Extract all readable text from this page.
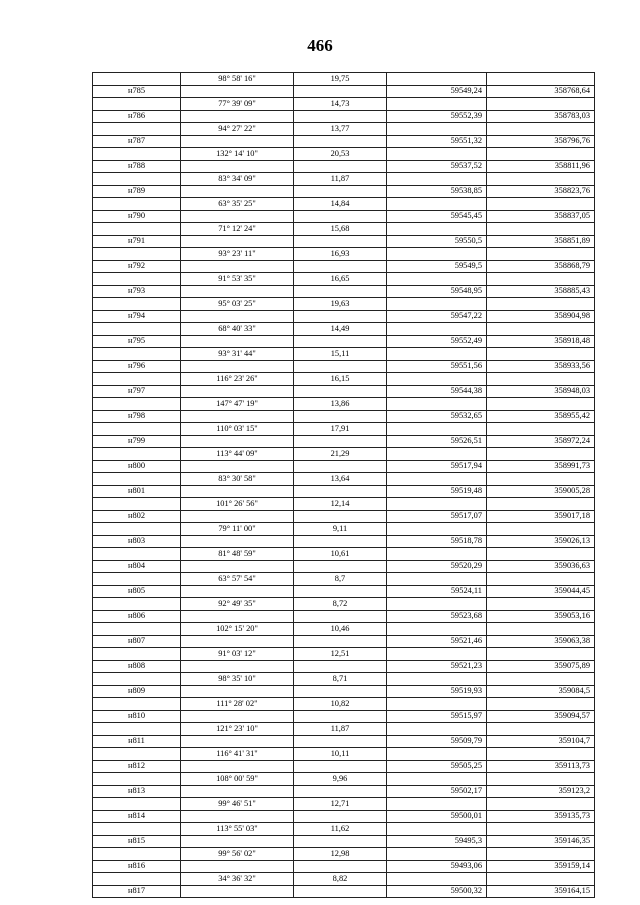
466
	98° 58' 16"	19,75		
н785			59549,24	358768,64
	77° 39' 09"	14,73		
н786			59552,39	358783,03
	94° 27' 22"	13,77		
н787			59551,32	358796,76
	132° 14' 10"	20,53		
н788			59537,52	358811,96
	83° 34' 09"	11,87		
н789			59538,85	358823,76
	63° 35' 25"	14,84		
н790			59545,45	358837,05
	71° 12' 24"	15,68		
н791			59550,5	358851,89
	93° 23' 11"	16,93		
н792			59549,5	358868,79
	91° 53' 35"	16,65		
н793			59548,95	358885,43
	95° 03' 25"	19,63		
н794			59547,22	358904,98
	68° 40' 33"	14,49		
н795			59552,49	358918,48
	93° 31' 44"	15,11		
н796			59551,56	358933,56
	116° 23' 26"	16,15		
н797			59544,38	358948,03
	147° 47' 19"	13,86		
н798			59532,65	358955,42
	110° 03' 15"	17,91		
н799			59526,51	358972,24
	113° 44' 09"	21,29		
н800			59517,94	358991,73
	83° 30' 58"	13,64		
н801			59519,48	359005,28
	101° 26' 56"	12,14		
н802			59517,07	359017,18
	79° 11' 00"	9,11		
н803			59518,78	359026,13
	81° 48' 59"	10,61		
н804			59520,29	359036,63
	63° 57' 54"	8,7		
н805			59524,11	359044,45
	92° 49' 35"	8,72		
н806			59523,68	359053,16
	102° 15' 20"	10,46		
н807			59521,46	359063,38
	91° 03' 12"	12,51		
н808			59521,23	359075,89
	98° 35' 10"	8,71		
н809			59519,93	359084,5
	111° 28' 02"	10,82		
н810			59515,97	359094,57
	121° 23' 10"	11,87		
н811			59509,79	359104,7
	116° 41' 31"	10,11		
н812			59505,25	359113,73
	108° 00' 59"	9,96		
н813			59502,17	359123,2
	99° 46' 51"	12,71		
н814			59500,01	359135,73
	113° 55' 03"	11,62		
н815			59495,3	359146,35
	99° 56' 02"	12,98		
н816			59493,06	359159,14
	34° 36' 32"	8,82		
н817			59500,32	359164,15
